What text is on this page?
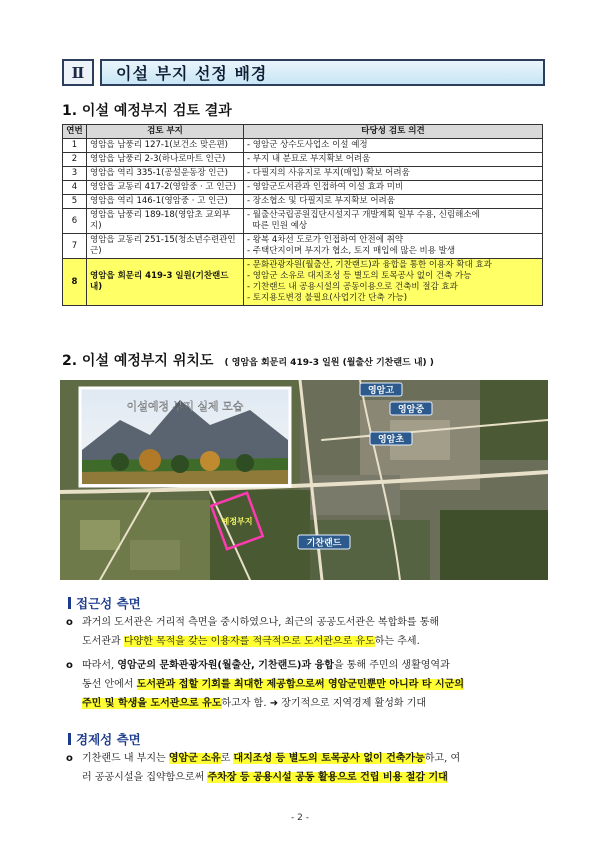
Ⅱ	이설 부지 선정 배경
1. 이설 예정부지 검토 결과
연번	검토 부지	타당성 검토 의견
1	영암읍 남풍리 127-1(보건소 맞은편)	- 영암군 상수도사업소 이설 예정

2	영암읍 남풍리 2-3(하나로마트 인근)	- 부지 내 분묘로 부지확보 어려움

3	영암읍 역리 335-1(공설운동장 인근)	- 다필지의 사유지로 부지(매입) 확보 어려움

4	영암읍 교동리 417-2(영암중 · 고 인근)	- 영암군도서관과 인접하여 이설 효과 미비

5	영암읍 역리 146-1(영암중 · 고 인근)	- 장소협소 및 다필지로 부지확보 어려움

6	영암읍 남풍리 189-18(영암초 교외부지)	- 월출산국립공원집단시설지구 개발계획 일부 수용, 신림해소에
따른 민원 예상

7	영암읍 교동리 251-15(청소년수련관인근)	- 왕복 4차선 도로가 인접하여 안전에 취약
- 주택단지이며 부지가 협소, 토지 매입에 많은 비용 발생

8	영암읍 회문리 419-3 일원(기찬랜드 내)	- 문화관광자원(월출산, 기찬랜드)과 융합을 통한 이용자 확대 효과
- 영암군 소유로 대지조성 등 별도의 토목공사 없이 건축 가능
- 기찬랜드 내 공용시설의 공동이용으로 건축비 절감 효과
- 토지용도변경 불필요(사업기간 단축 가능)
2. 이설 예정부지 위치도 ( 영암읍 회문리 419-3 일원 (월출산 기찬랜드 내) )
이설예정 부지 실제 모습
예정부지
영암고
영암중
영암초
기찬랜드
접근성 측면
o 과거의 도서관은 거리적 측면을 중시하였으나, 최근의 공공도서관은 복합화를 통해
도서관과 다양한 목적을 갖는 이용자를 적극적으로 도서관으로 유도하는 추세.
o 따라서, 영암군의 문화관광자원(월출산, 기찬랜드)과 융합을 통해 주민의 생활영역과
동선 안에서 도서관과 접할 기회를 최대한 제공함으로써 영암군민뿐만 아니라 타 시군의
주민 및 학생을 도서관으로 유도하고자 함. ➜ 장기적으로 지역경제 활성화 기대
경제성 측면
o 기찬랜드 내 부지는 영암군 소유로 대지조성 등 별도의 토목공사 없이 건축가능하고, 여
러 공공시설을 집약함으로써 주차장 등 공용시설 공동 활용으로 건립 비용 절감 기대
- 2 -
